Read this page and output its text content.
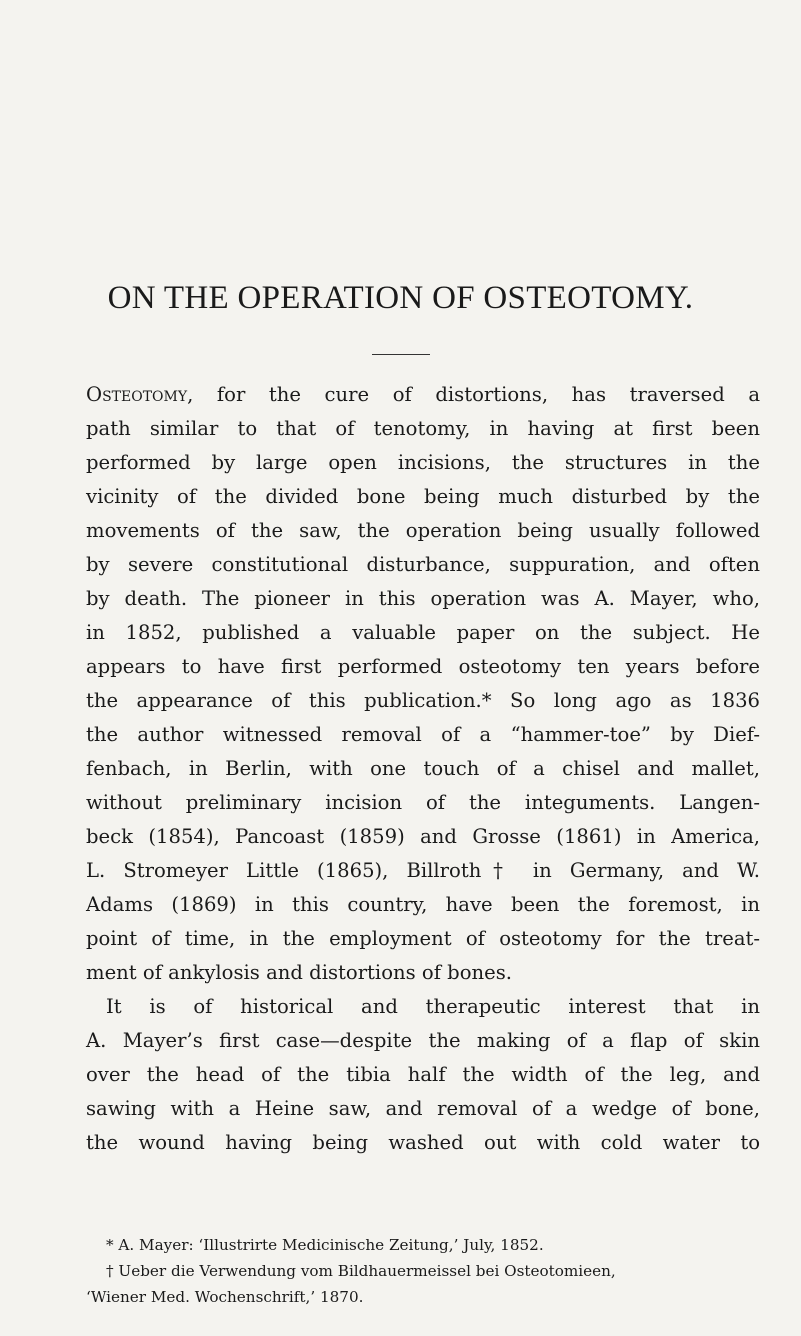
ON THE OPERATION OF OSTEOTOMY.
Osteotomy, for the cure of distortions, has traversed a
path similar to that of tenotomy, in having at first been
performed by large open incisions, the structures in the
vicinity of the divided bone being much disturbed by the
movements of the saw, the operation being usually followed
by severe constitutional disturbance, suppuration, and often
by death. The pioneer in this operation was A. Mayer, who,
in 1852, published a valuable paper on the subject. He
appears to have first performed osteotomy ten years before
the appearance of this publication.* So long ago as 1836
the author witnessed removal of a “hammer-toe” by Dief-
fenbach, in Berlin, with one touch of a chisel and mallet,
without preliminary incision of the integuments. Langen-
beck (1854), Pancoast (1859) and Grosse (1861) in America,
L. Stromeyer Little (1865), Billroth† in Germany, and W.
Adams (1869) in this country, have been the foremost, in
point of time, in the employment of osteotomy for the treat-
ment of ankylosis and distortions of bones.
It is of historical and therapeutic interest that in
A. Mayer’s first case—despite the making of a flap of skin
over the head of the tibia half the width of the leg, and
sawing with a Heine saw, and removal of a wedge of bone,
the wound having being washed out with cold water to
* A. Mayer: ‘Illustrirte Medicinische Zeitung,’ July, 1852.
† Ueber die Verwendung vom Bildhauermeissel bei Osteotomieen,
‘Wiener Med. Wochenschrift,’ 1870.
